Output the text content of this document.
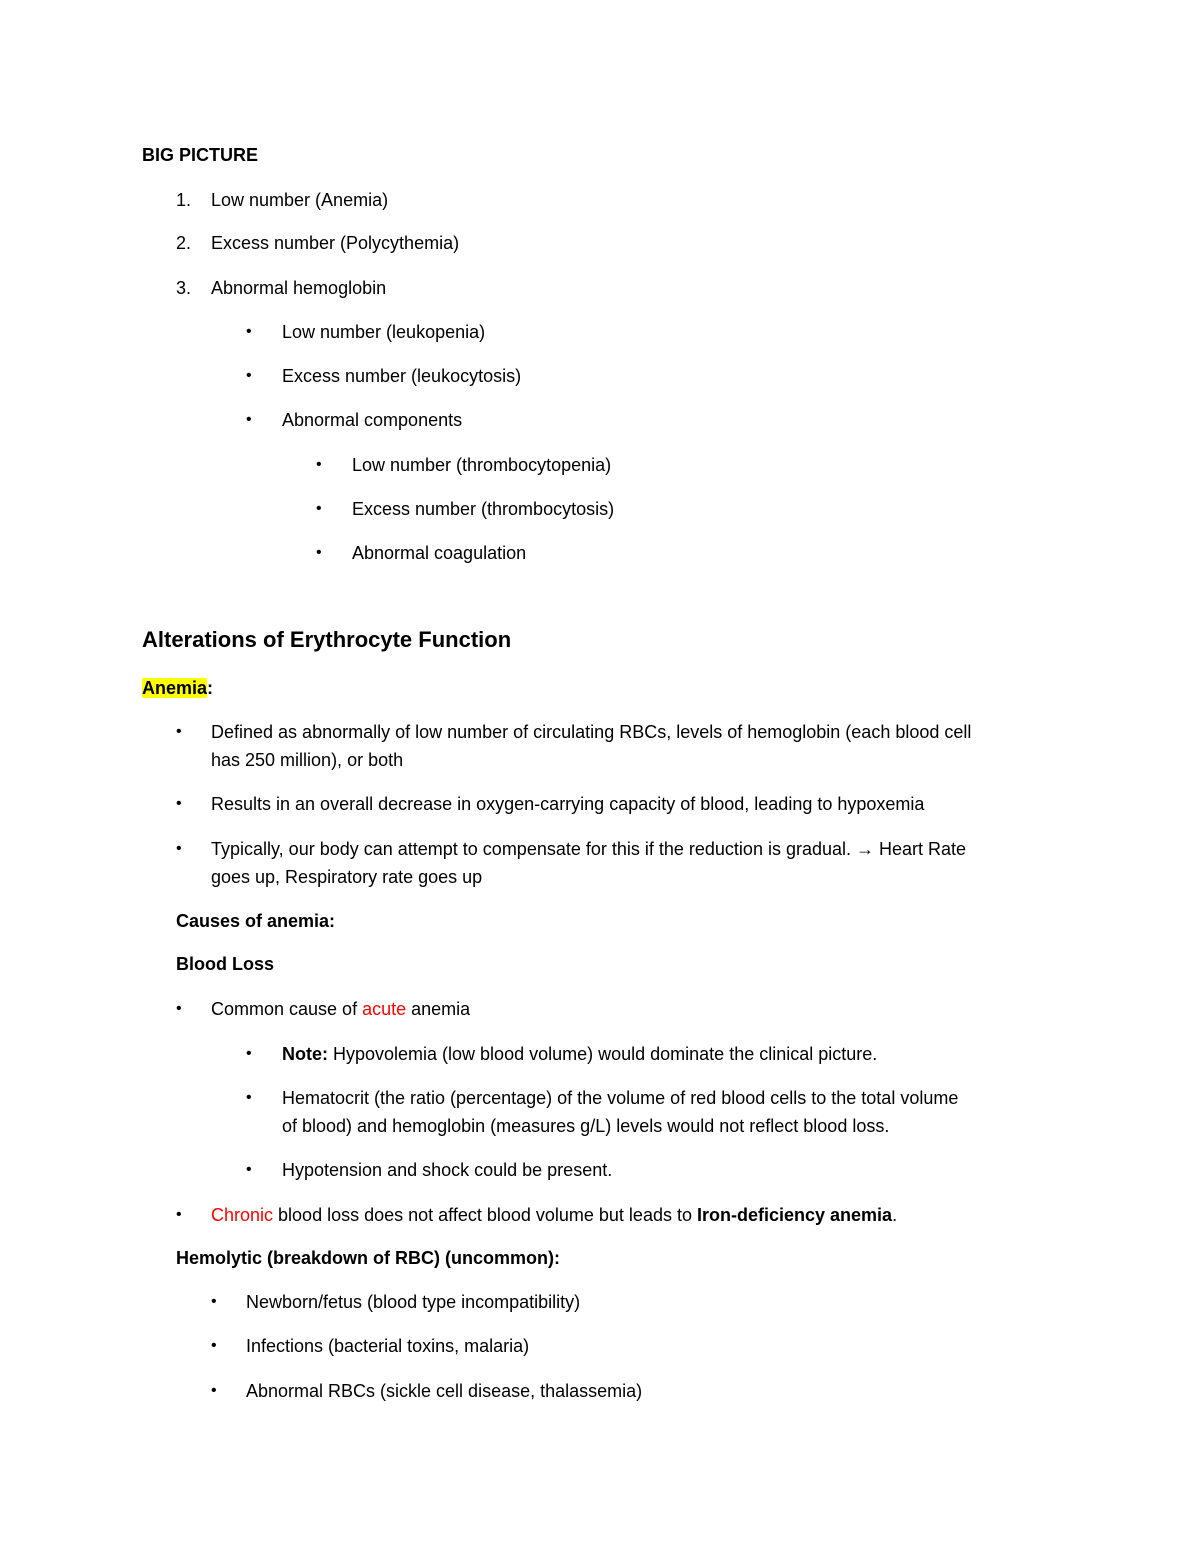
BIG PICTURE
1. Low number (Anemia)
2. Excess number (Polycythemia)
3. Abnormal hemoglobin
• Low number (leukopenia)
• Excess number (leukocytosis)
• Abnormal components
• Low number (thrombocytopenia)
• Excess number (thrombocytosis)
• Abnormal coagulation
Alterations of Erythrocyte Function
Anemia:
• Defined as abnormally of low number of circulating RBCs, levels of hemoglobin (each blood cell
has 250 million), or both
• Results in an overall decrease in oxygen-carrying capacity of blood, leading to hypoxemia
• Typically, our body can attempt to compensate for this if the reduction is gradual. → Heart Rate
goes up, Respiratory rate goes up
Causes of anemia:
Blood Loss
• Common cause of acute anemia
• Note: Hypovolemia (low blood volume) would dominate the clinical picture.
• Hematocrit (the ratio (percentage) of the volume of red blood cells to the total volume
of blood) and hemoglobin (measures g/L) levels would not reflect blood loss.
• Hypotension and shock could be present.
• Chronic blood loss does not affect blood volume but leads to Iron-deficiency anemia.
Hemolytic (breakdown of RBC) (uncommon):
• Newborn/fetus (blood type incompatibility)
• Infections (bacterial toxins, malaria)
• Abnormal RBCs (sickle cell disease, thalassemia)
